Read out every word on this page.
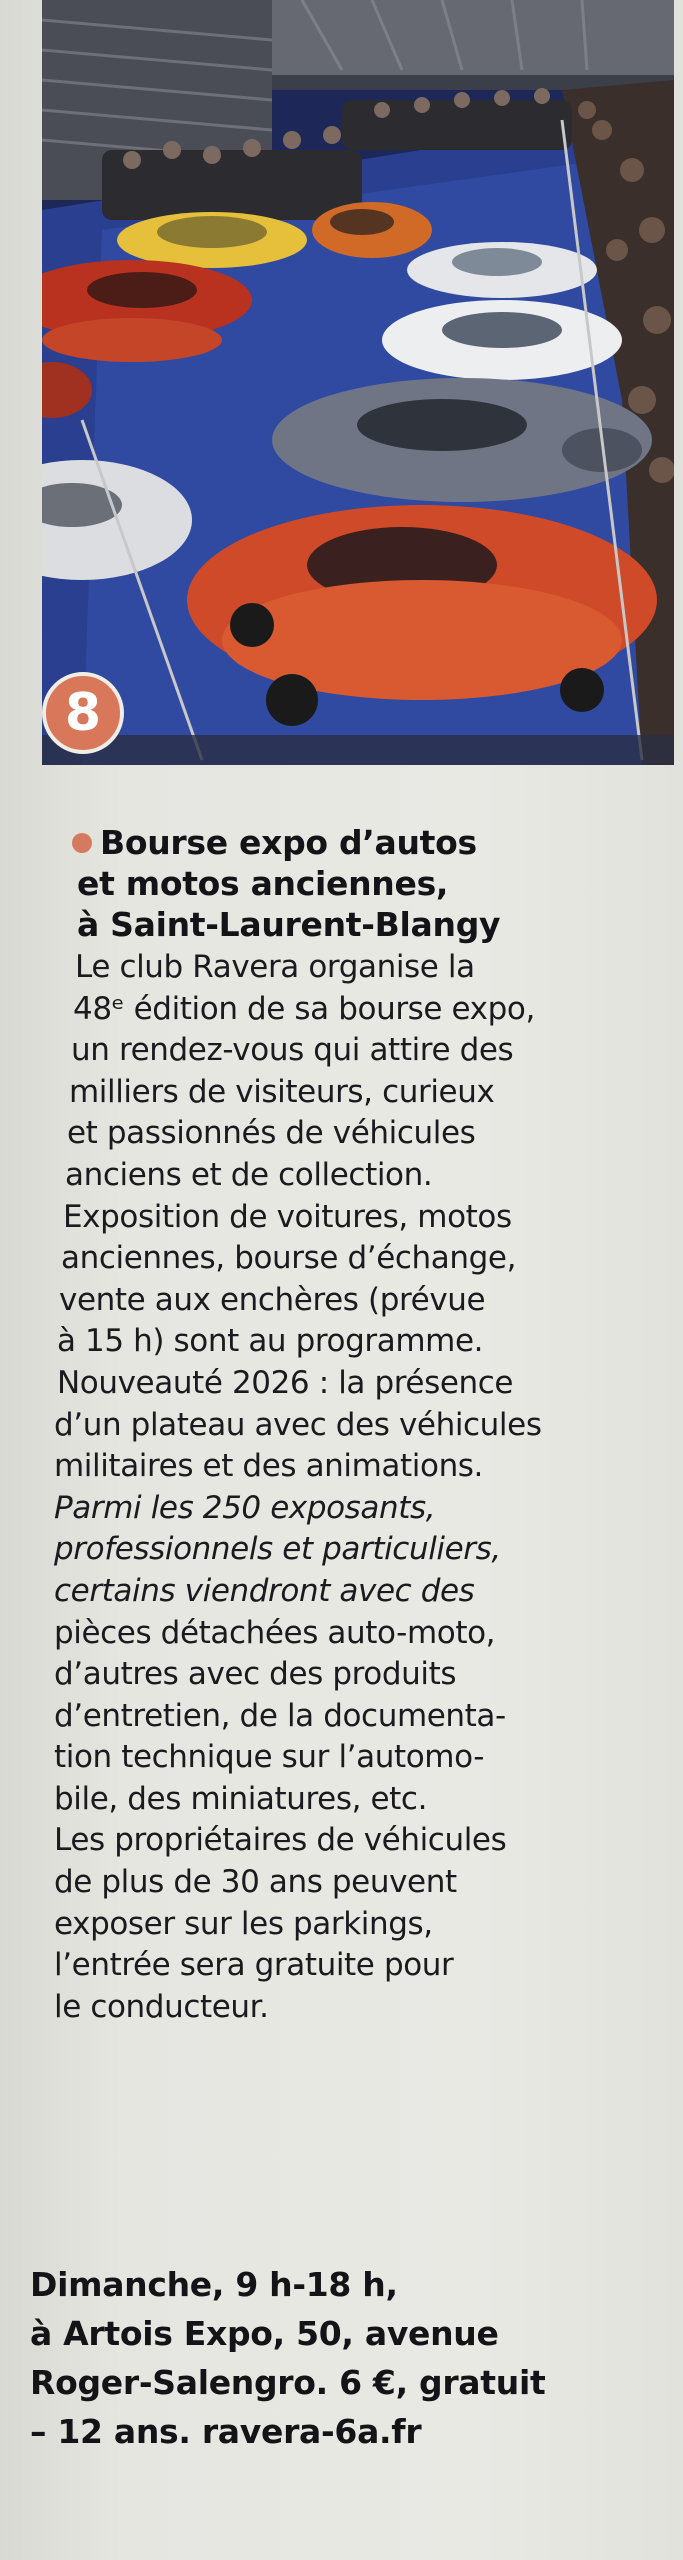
8
Bourse expo d’autos
et motos anciennes,
à Saint-Laurent-Blangy
Le club Ravera organise la
48ᵉ édition de sa bourse expo,
un rendez-vous qui attire des
milliers de visiteurs, curieux
et passionnés de véhicules
anciens et de collection.
Exposition de voitures, motos
anciennes, bourse d’échange,
vente aux enchères (prévue
à 15 h) sont au programme.
Nouveauté 2026 : la présence
d’un plateau avec des véhicules
militaires et des animations.
Parmi les 250 exposants,
professionnels et particuliers,
certains viendront avec des
pièces détachées auto-moto,
d’autres avec des produits
d’entretien, de la documenta-
tion technique sur l’automo-
bile, des miniatures, etc.
Les propriétaires de véhicules
de plus de 30 ans peuvent
exposer sur les parkings,
l’entrée sera gratuite pour
le conducteur.
Dimanche, 9 h-18 h,
à Artois Expo, 50, avenue
Roger-Salengro. 6 €, gratuit
– 12 ans. ravera-6a.fr
